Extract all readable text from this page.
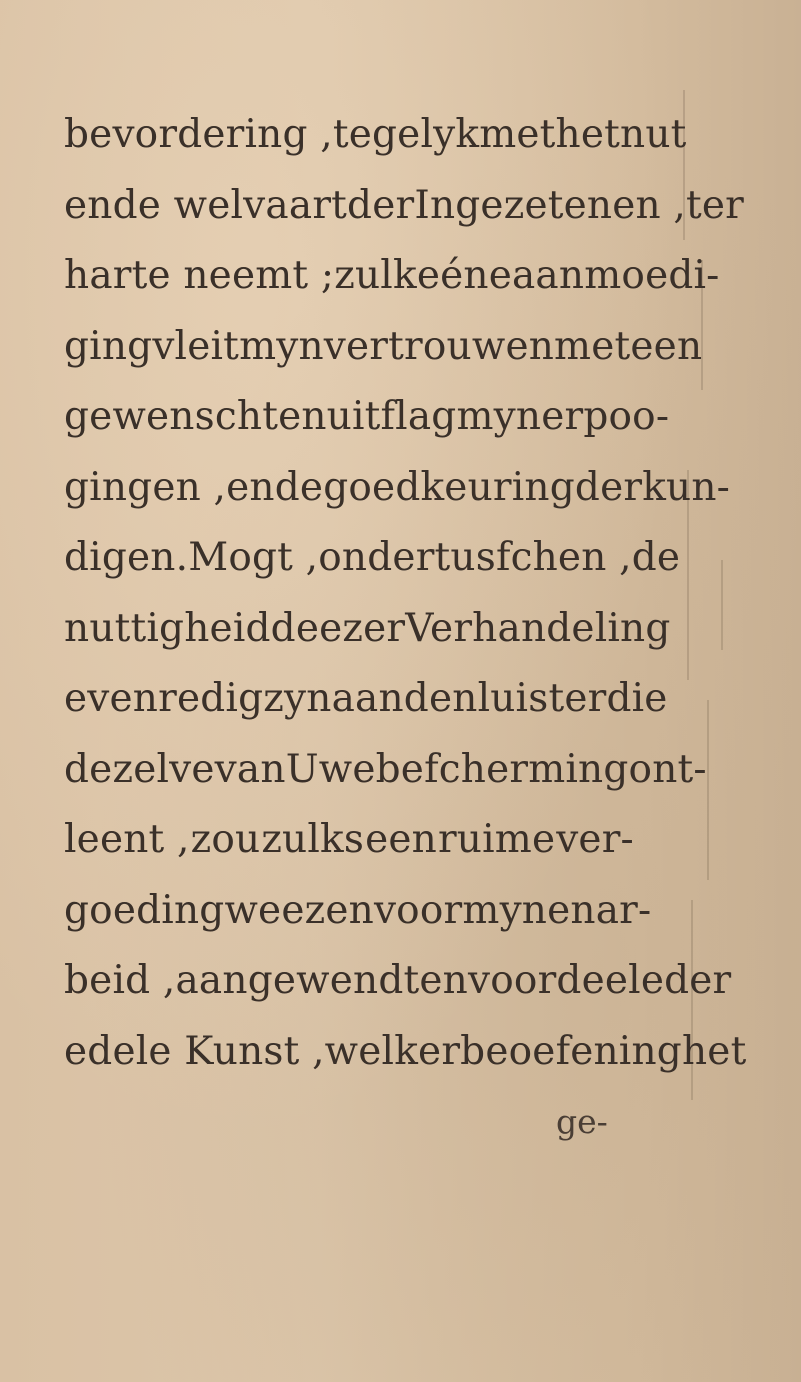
bevordering , te gelyk met het nut
en de welvaart der Ingezetenen , ter
harte neemt ; zulk eéne aanmoedi-
ging vleit myn vertrouwen met een
gewenschten uitflag myner poo-
gingen , en de goedkeuring der kun-
digen. Mogt , ondertusfchen , de
nuttigheid deezer Verhandeling
evenredig zyn aan den luister die
dezelve van Uwe befcherming ont-
leent , zou zulks een ruime ver-
goeding weezen voor mynen ar-
beid , aangewend ten voordeele der
edele Kunst , welker beoefening het
ge-
